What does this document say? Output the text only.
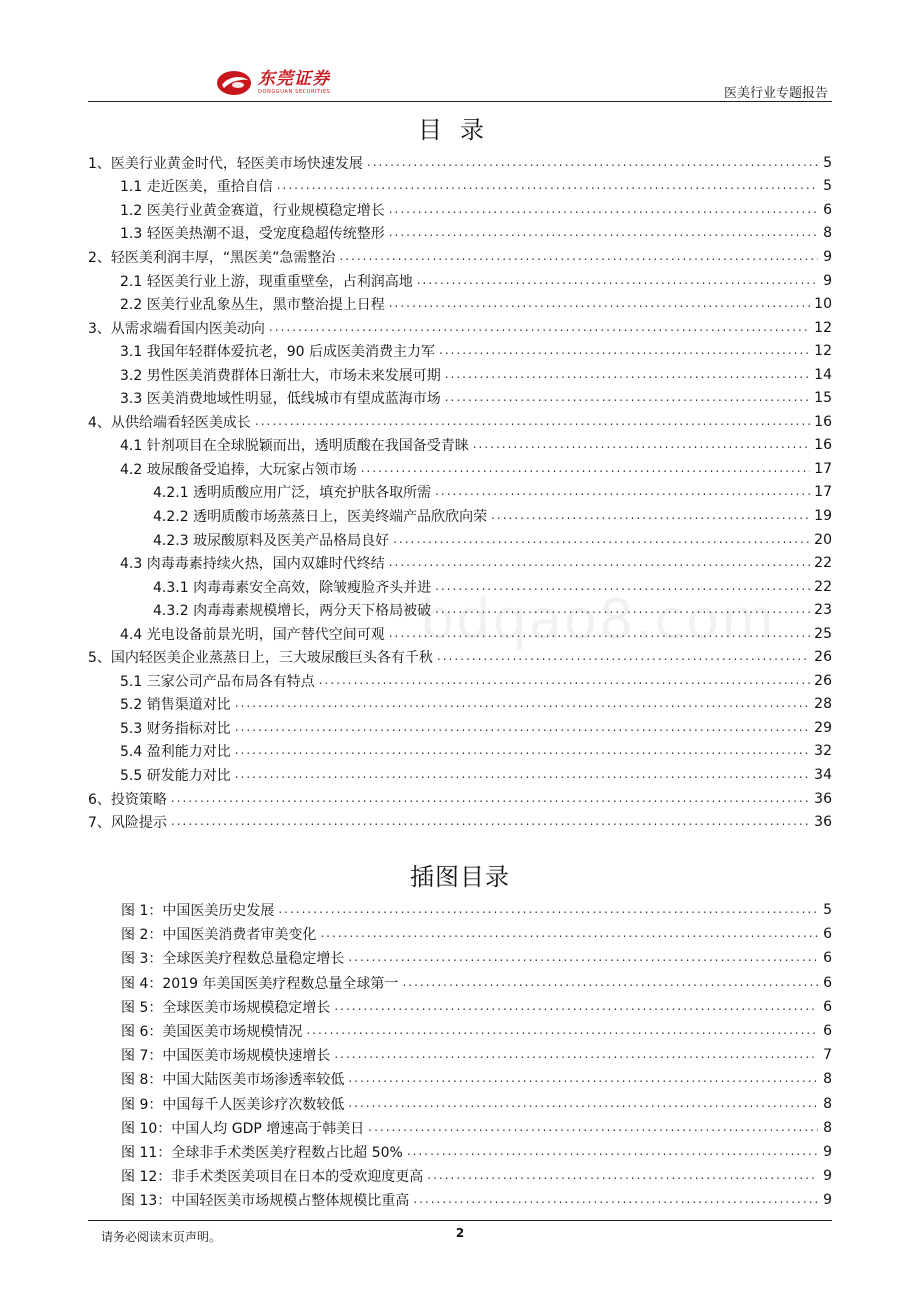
东莞证券
DONGGUAN SECURITIES	医美行业专题报告
目录
1、医美行业黄金时代，轻医美市场快速发展 .....	5
1.1 走近医美，重拾自信 .....	5
1.2 医美行业黄金赛道，行业规模稳定增长 .....	6
1.3 轻医美热潮不退，受宠度稳超传统整形 .....	8
2、轻医美利润丰厚，“黑医美”急需整治 .....	9
2.1 轻医美行业上游，现重重壁垒，占利润高地 .....	9
2.2 医美行业乱象丛生，黑市整治提上日程 .....	10
3、从需求端看国内医美动向 .....	12
3.1 我国年轻群体爱抗老，90 后成医美消费主力军 .....	12
3.2 男性医美消费群体日渐壮大，市场未来发展可期 .....	14
3.3 医美消费地域性明显，低线城市有望成蓝海市场 .....	15
4、从供给端看轻医美成长 .....	16
4.1 针剂项目在全球脱颖而出，透明质酸在我国备受青睐 .....	16
4.2 玻尿酸备受追捧，大玩家占领市场 .....	17
4.2.1 透明质酸应用广泛，填充护肤各取所需 .....	17
4.2.2 透明质酸市场蒸蒸日上，医美终端产品欣欣向荣 .....	19
4.2.3 玻尿酸原料及医美产品格局良好 .....	20
4.3 肉毒毒素持续火热，国内双雄时代终结 .....	22
4.3.1 肉毒毒素安全高效，除皱瘦脸齐头并进 .....	22
4.3.2 肉毒毒素规模增长，两分天下格局被破 .....	23
4.4 光电设备前景光明，国产替代空间可观 .....	25
5、国内轻医美企业蒸蒸日上，三大玻尿酸巨头各有千秋 .....	26
5.1 三家公司产品布局各有特点 .....	26
5.2 销售渠道对比 .....	28
5.3 财务指标对比 .....	29
5.4 盈利能力对比 .....	32
5.5 研发能力对比 .....	34
6、投资策略 .....	36
7、风险提示 .....	36
bdqao8.com
插图目录
图 1：中国医美历史发展 .....	5
图 2：中国医美消费者审美变化 .....	6
图 3：全球医美疗程数总量稳定增长 .....	6
图 4：2019 年美国医美疗程数总量全球第一 .....	6
图 5：全球医美市场规模稳定增长 .....	6
图 6：美国医美市场规模情况 .....	6
图 7：中国医美市场规模快速增长 .....	7
图 8：中国大陆医美市场渗透率较低 .....	8
图 9：中国每千人医美诊疗次数较低 .....	8
图 10：中国人均 GDP 增速高于韩美日 .....	8
图 11：全球非手术类医美疗程数占比超 50% .....	9
图 12：非手术类医美项目在日本的受欢迎度更高 .....	9
图 13：中国轻医美市场规模占整体规模比重高 .....	9
请务必阅读末页声明。	2
